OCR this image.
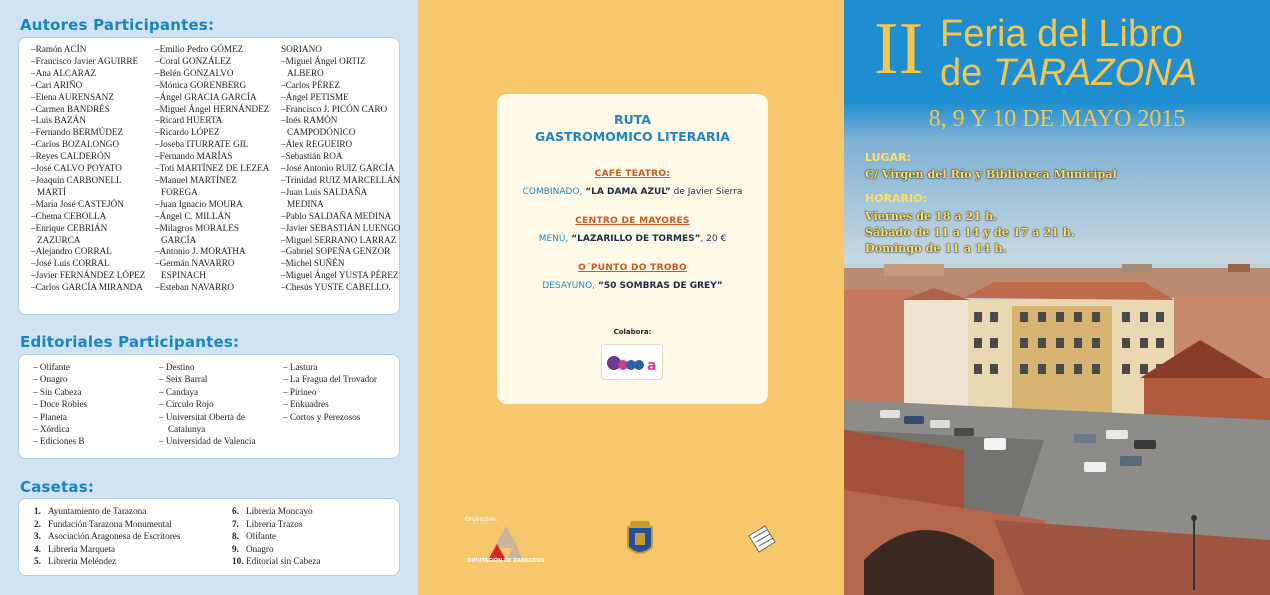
Autores Participantes:
–Ramón ACÍN
–Francisco Javier AGUIRRE
–Ana ALCARAZ
–Cari ARIÑO
–Elena AURENSANZ
–Carmen BANDRÉS
–Luis BAZÁN
–Fernando BERMÚDEZ
–Carlos BOZALONGO
–Reyes CALDERÓN
–José CALVO POYATO
–Joaquín CARBONELL
MARTÍ
–María José CASTEJÓN
–Chema CEBOLLA
–Enrique CEBRIÁN
ZAZURCA
–Alejandro CORRAL
–José Luis CORRAL
–Javier FERNÁNDEZ LÓPEZ
–Carlos GARCÍA MIRANDA
–Emilio Pedro GÓMEZ
–Coral GONZÁLEZ
–Belén GONZALVO
–Mónica GORENBERG
–Ángel GRACIA GARCÍA
–Miguel Ángel HERNÁNDEZ
–Ricard HUERTA
–Ricardo LÓPEZ
–Joseba ITURRATE GIL
–Fernando MARÍAS
–Toti MARTÍNEZ DE LEZEA
–Manuel MARTÍNEZ
FOREGA
–Juan Ignacio MOURA
–Ángel C. MILLÁN
–Milagros MORALES
GARCÍA
–Antonio J. MORATHA
–Germán NAVARRO
ESPINACH
–Esteban NAVARRO
SORIANO
–Miguel Ángel ORTIZ
ALBERO
–Carlos PÉREZ
–Ángel PETISME
–Francisco J. PICÓN CARO
–Inés RAMÓN
CAMPODÓNICO
–Álex REGUEIRO
–Sebastián ROA
–José Antonio RUIZ GARCÍA
–Trinidad RUIZ MARCELLÁN
–Juan Luis SALDAÑA
MEDINA
–Pablo SALDAÑA MEDINA
–Javier SEBASTIÁN LUENGO
–Miguel SERRANO LARRAZ
–Gabriel SOPEÑA GENZOR
–Michel SUÑÉN
–Miguel Ángel YUSTA PÉREZ
–Chesús YUSTE CABELLO.
Editoriales Participantes:
– Olifante
– Onagro
– Sin Cabeza
– Doce Robles
– Planeta
– Xórdica
– Ediciones B
– Destino
– Seix Barral
– Candaya
– Círculo Rojo
– Universitat Oberta de
Catalunya
– Universidad de Valencia
– Lastura
– La Fragua del Trovador
– Pirineo
– Enkuadres
– Cortos y Perezosos
Casetas:
1. Ayuntamiento de Tarazona
2. Fundación Tarazona Monumental
3. Asociación Aragonesa de Escritores
4. Librería Marqueta
5. Librería Meléndez
6. Librería Moncayo
7. Librería Trazos
8. Olifante
9. Onagro
10. Editorial sin Cabeza
RUTA
GASTROMOMICO LITERARIA
CAFÉ TEATRO:
COMBINADO, “LA DAMA AZUL” de Javier Sierra
CENTRO DE MAYORES
MENÚ, “LAZARILLO DE TORMES”, 20 €
O´PUNTO DO TROBO
DESAYUNO, “50 SOMBRAS DE GREY”
Colabora:
a
Organizan:
DIPUTACIÓN DE ZARAGOZA
II Feria del Libro
de TARAZONA
8, 9 Y 10 DE MAYO 2015
LUGAR:
C/ Virgen del Río y Biblioteca Municipal
HORARIO:
Viernes de 18 a 21 h.
Sábado de 11 a 14 y de 17 a 21 h.
Domingo de 11 a 14 h.
